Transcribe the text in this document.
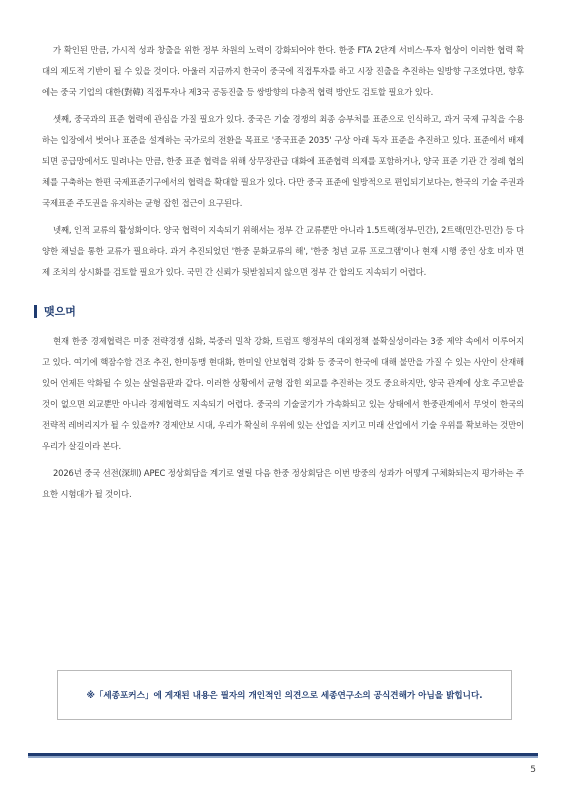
가 확인된 만큼, 가시적 성과 창출을 위한 정부 차원의 노력이 강화되어야 한다. 한중 FTA 2단계 서비스·투자 협상이 이러한 협력 확대의 제도적 기반이 될 수 있을 것이다. 아울러 지금까지 한국이 중국에 직접투자를 하고 시장 진출을 추진하는 일방향 구조였다면, 향후에는 중국 기업의 대한(對韓) 직접투자나 제3국 공동진출 등 쌍방향의 다층적 협력 방안도 검토할 필요가 있다.

셋째, 중국과의 표준 협력에 관심을 가질 필요가 있다. 중국은 기술 경쟁의 최종 승부처를 표준으로 인식하고, 과거 국제 규칙을 수용하는 입장에서 벗어나 표준을 설계하는 국가로의 전환을 목표로 '중국표준 2035' 구상 아래 독자 표준을 추진하고 있다. 표준에서 배제되면 공급망에서도 밀려나는 만큼, 한중 표준 협력을 위해 상무장관급 대화에 표준협력 의제를 포함하거나, 양국 표준 기관 간 정례 협의체를 구축하는 한편 국제표준기구에서의 협력을 확대할 필요가 있다. 다만 중국 표준에 일방적으로 편입되기보다는, 한국의 기술 주권과 국제표준 주도권을 유지하는 균형 잡힌 접근이 요구된다.

넷째, 인적 교류의 활성화이다. 양국 협력이 지속되기 위해서는 정부 간 교류뿐만 아니라 1.5트랙(정부-민간), 2트랙(민간-민간) 등 다양한 채널을 통한 교류가 필요하다. 과거 추진되었던 '한중 문화교류의 해', '한중 청년 교류 프로그램'이나 현재 시행 중인 상호 비자 면제 조치의 상시화를 검토할 필요가 있다. 국민 간 신뢰가 뒷받침되지 않으면 정부 간 합의도 지속되기 어렵다.

맺으며

현재 한중 경제협력은 미중 전략경쟁 심화, 북중러 밀착 강화, 트럼프 행정부의 대외정책 불확실성이라는 3중 제약 속에서 이루어지고 있다. 여기에 핵잠수함 건조 추진, 한미동맹 현대화, 한미일 안보협력 강화 등 중국이 한국에 대해 불만을 가질 수 있는 사안이 산재해 있어 언제든 악화될 수 있는 살얼음판과 같다. 이러한 상황에서 균형 잡힌 외교를 추진하는 것도 중요하지만, 양국 관계에 상호 주고받을 것이 없으면 외교뿐만 아니라 경제협력도 지속되기 어렵다. 중국의 기술굴기가 가속화되고 있는 상태에서 한중관계에서 무엇이 한국의 전략적 레버리지가 될 수 있을까? 경제안보 시대, 우리가 확실히 우위에 있는 산업을 지키고 미래 산업에서 기술 우위를 확보하는 것만이 우리가 살길이라 본다.

2026년 중국 선전(深圳) APEC 정상회담을 계기로 열릴 다음 한중 정상회담은 이번 방중의 성과가 어떻게 구체화되는지 평가하는 주요한 시험대가 될 것이다.

※「세종포커스」에 게재된 내용은 필자의 개인적인 의견으로 세종연구소의 공식견해가 아님을 밝힙니다.
5
